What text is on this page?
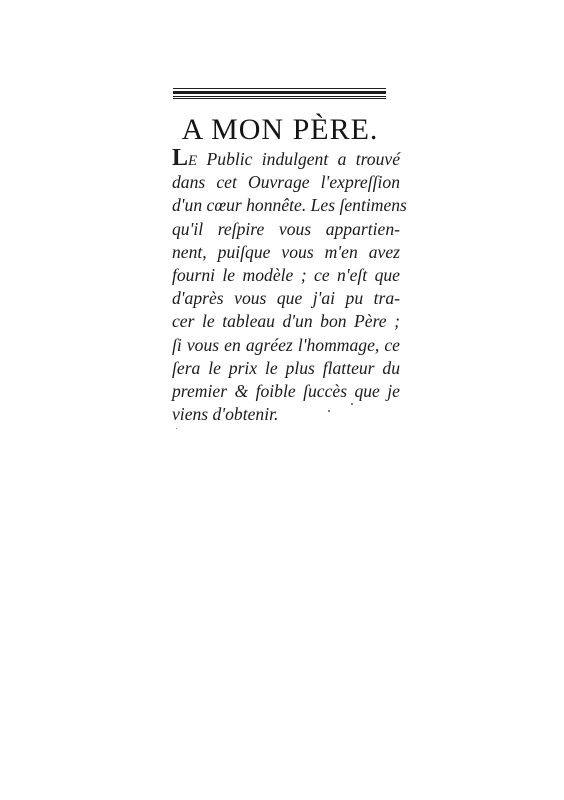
A MON PÈRE.
LE Public indulgent a trouvé
dans cet Ouvrage l'expreſſion
d'un cœur honnête. Les ſentimens
qu'il reſpire vous appartien-
nent, puiſque vous m'en avez
fourni le modèle ; ce n'eſt que
d'après vous que j'ai pu tra-
cer le tableau d'un bon Père ;
ſi vous en agréez l'hommage, ce
ſera le prix le plus flatteur du
premier & foible ſuccès que je
viens d'obtenir.
